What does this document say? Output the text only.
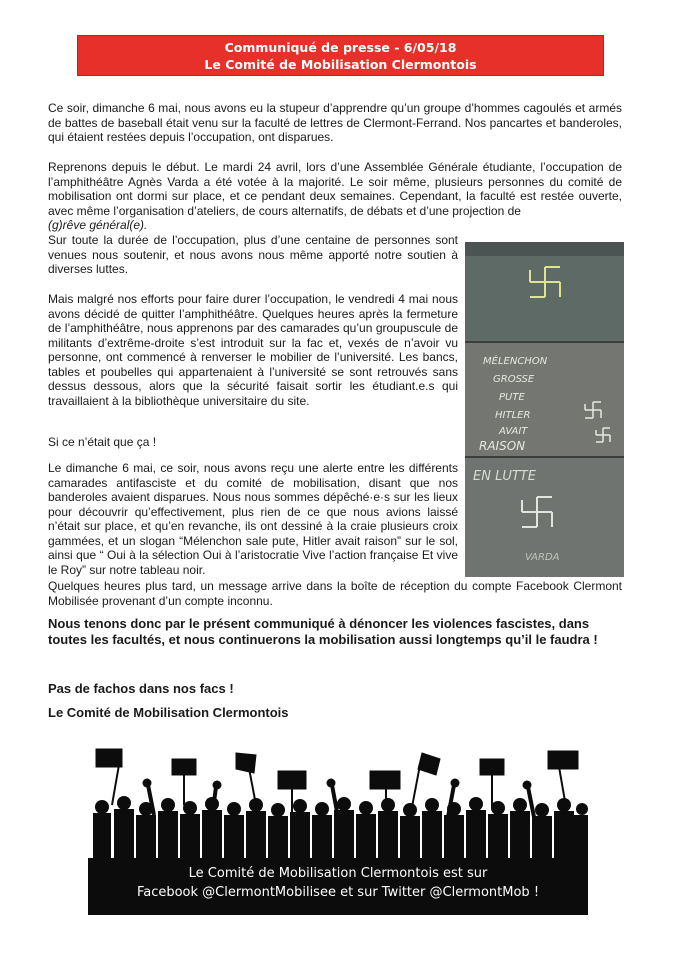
Communiqué de presse - 6/05/18
Le Comité de Mobilisation Clermontois
Ce soir, dimanche 6 mai, nous avons eu la stupeur d’apprendre qu’un groupe d’hommes cagoulés et armés de battes de baseball était venu sur la faculté de lettres de Clermont-Ferrand. Nos pancartes et banderoles, qui étaient restées depuis l’occupation, ont disparues.
Reprenons depuis le début. Le mardi 24 avril, lors d’une Assemblée Générale étudiante, l’occupation de l’amphithéâtre Agnès Varda a été votée à la majorité. Le soir même, plusieurs personnes du comité de mobilisation ont dormi sur place, et ce pendant deux semaines. Cependant, la faculté est restée ouverte, avec même l’organisation d’ateliers, de cours alternatifs, de débats et d’une projection de
(g)rêve général(e).
Sur toute la durée de l’occupation, plus d’une centaine de personnes sont venues nous soutenir, et nous avons nous même apporté notre soutien à diverses luttes.
Mais malgré nos efforts pour faire durer l’occupation, le vendredi 4 mai nous avons décidé de quitter l’amphithéâtre. Quelques heures après la fermeture de l’amphithéâtre, nous apprenons par des camarades qu’un groupuscule de militants d’extrême-droite s’est introduit sur la fac et, vexés de n’avoir vu personne, ont commencé à renverser le mobilier de l’université. Les bancs, tables et poubelles qui appartenaient à l’université se sont retrouvés sans dessus dessous, alors que la sécurité faisait sortir les étudiant.e.s qui travaillaient à la bibliothèque universitaire du site.
Si ce n’était que ça !
Le dimanche 6 mai, ce soir, nous avons reçu une alerte entre les différents camarades antifasciste et du comité de mobilisation, disant que nos banderoles avaient disparues. Nous nous sommes dépêché·e·s sur les lieux pour découvrir qu’effectivement, plus rien de ce que nous avions laissé n’était sur place, et qu’en revanche, ils ont dessiné à la craie plusieurs croix gammées, et un slogan “Mélenchon sale pute, Hitler avait raison” sur le sol, ainsi que “ Oui à la sélection Oui à l’aristocratie Vive l’action française Et vive le Roy” sur notre tableau noir.
Quelques heures plus tard, un message arrive dans la boîte de réception du compte Facebook Clermont Mobilisée provenant d’un compte inconnu.
Nous tenons donc par le présent communiqué à dénoncer les violences fascistes, dans toutes les facultés, et nous continuerons la mobilisation aussi longtemps qu’il le faudra !
Pas de fachos dans nos facs !
Le Comité de Mobilisation Clermontois
MÉLENCHON
GROSSE
PUTE
HITLER
AVAIT
RAISON
EN LUTTE
VARDA
Le Comité de Mobilisation Clermontois est sur
Facebook @ClermontMobilisee et sur Twitter @ClermontMob !
